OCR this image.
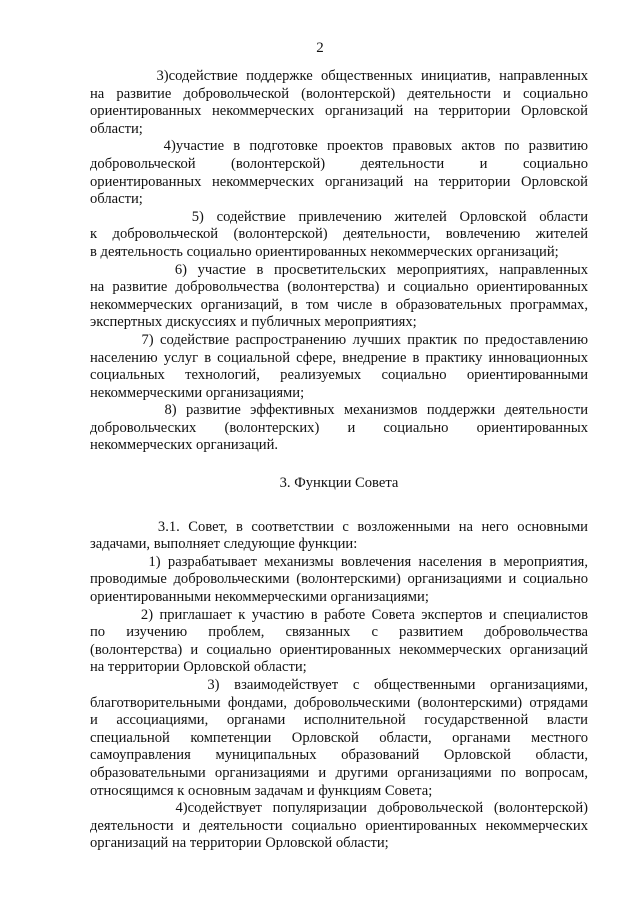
2
3)содействие поддержке общественных инициатив, направленных
на развитие добровольческой (волонтерской) деятельности и социально
ориентированных некоммерческих организаций на территории Орловской
области;
4)участие в подготовке проектов правовых актов по развитию
добровольческой (волонтерской) деятельности и социально
ориентированных некоммерческих организаций на территории Орловской
области;
5) содействие привлечению жителей Орловской области
к добровольческой (волонтерской) деятельности, вовлечению жителей
в деятельность социально ориентированных некоммерческих организаций;
6) участие в просветительских мероприятиях, направленных
на развитие добровольчества (волонтерства) и социально ориентированных
некоммерческих организаций, в том числе в образовательных программах,
экспертных дискуссиях и публичных мероприятиях;
7) содействие распространению лучших практик по предоставлению
населению услуг в социальной сфере, внедрение в практику инновационных
социальных технологий, реализуемых социально ориентированными
некоммерческими организациями;
8) развитие эффективных механизмов поддержки деятельности
добровольческих (волонтерских) и социально ориентированных
некоммерческих организаций.
3. Функции Совета
3.1. Совет, в соответствии с возложенными на него основными
задачами, выполняет следующие функции:
1) разрабатывает механизмы вовлечения населения в мероприятия,
проводимые добровольческими (волонтерскими) организациями и социально
ориентированными некоммерческими организациями;
2) приглашает к участию в работе Совета экспертов и специалистов
по изучению проблем, связанных с развитием добровольчества
(волонтерства) и социально ориентированных некоммерческих организаций
на территории Орловской области;
3) взаимодействует с общественными организациями,
благотворительными фондами, добровольческими (волонтерскими) отрядами
и ассоциациями, органами исполнительной государственной власти
специальной компетенции Орловской области, органами местного
самоуправления муниципальных образований Орловской области,
образовательными организациями и другими организациями по вопросам,
относящимся к основным задачам и функциям Совета;
4)содействует популяризации добровольческой (волонтерской)
деятельности и деятельности социально ориентированных некоммерческих
организаций на территории Орловской области;
